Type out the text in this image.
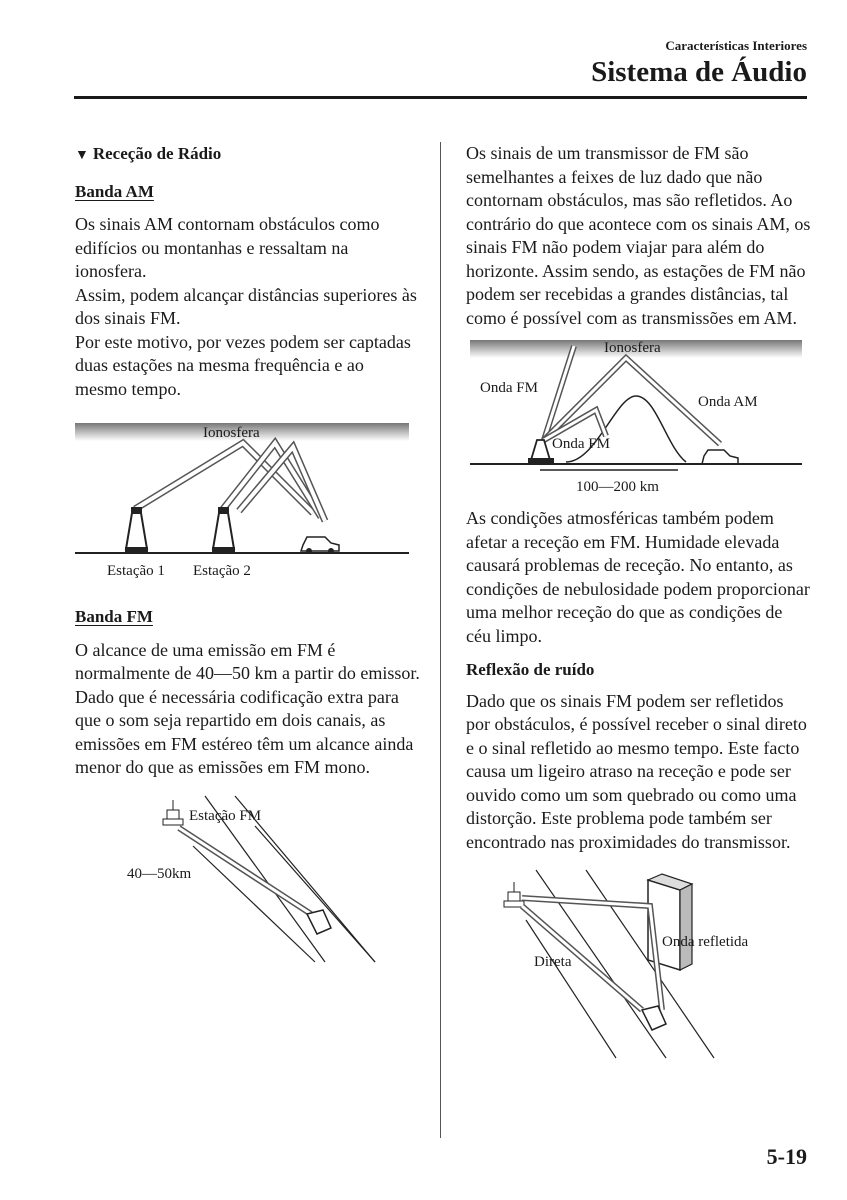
Características Interiores
Sistema de Áudio
▼ Receção de Rádio
Banda AM

Os sinais AM contornam obstáculos como edifícios ou montanhas e ressaltam na ionosfera.

Assim, podem alcançar distâncias superiores às dos sinais FM.

Por este motivo, por vezes podem ser captadas duas estações na mesma frequência e ao mesmo tempo.

Ionosfera
Estação 1 Estação 2
Banda FM

O alcance de uma emissão em FM é normalmente de 40―50 km a partir do emissor. Dado que é necessária codificação extra para que o som seja repartido em dois canais, as emissões em FM estéreo têm um alcance ainda menor do que as emissões em FM mono.

Estação FM
40―50km

Os sinais de um transmissor de FM são semelhantes a feixes de luz dado que não contornam obstáculos, mas são refletidos. Ao contrário do que acontece com os sinais AM, os sinais FM não podem viajar para além do horizonte. Assim sendo, as estações de FM não podem ser recebidas a grandes distâncias, tal como é possível com as transmissões em AM.

Ionosfera
Onda FM
Onda AM
Onda FM
100―200 km

As condições atmosféricas também podem afetar a receção em FM. Humidade elevada causará problemas de receção. No entanto, as condições de nebulosidade podem proporcionar uma melhor receção do que as condições de céu limpo.

Reflexão de ruído

Dado que os sinais FM podem ser refletidos por obstáculos, é possível receber o sinal direto e o sinal refletido ao mesmo tempo. Este facto causa um ligeiro atraso na receção e pode ser ouvido como um som quebrado ou como uma distorção. Este problema pode também ser encontrado nas proximidades do transmissor.

Onda refletida
Direta
5-19
